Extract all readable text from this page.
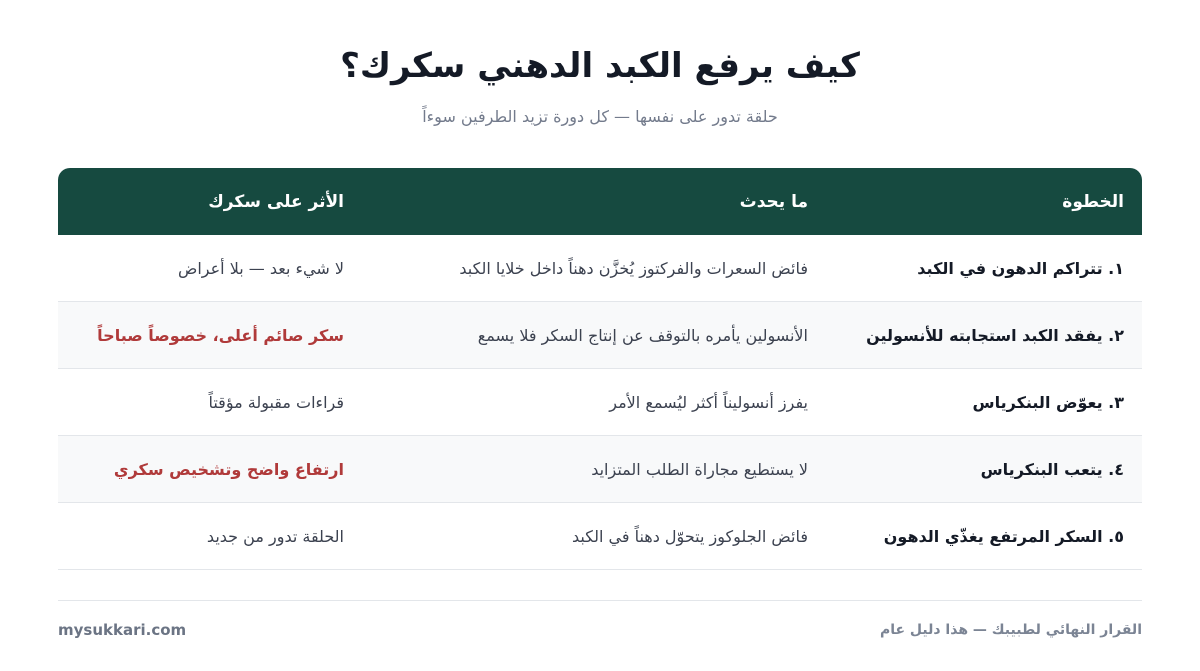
كيف يرفع الكبد الدهني سكرك؟

حلقة تدور على نفسها — كل دورة تزيد الطرفين سوءاً

الخطوة
ما يحدث
الأثر على سكرك
١. تتراكم الدهون في الكبد
فائض السعرات والفركتوز يُخزَّن دهناً داخل خلايا الكبد
لا شيء بعد — بلا أعراض
٢. يفقد الكبد استجابته للأنسولين
الأنسولين يأمره بالتوقف عن إنتاج السكر فلا يسمع
سكر صائم أعلى، خصوصاً صباحاً
٣. يعوّض البنكرياس
يفرز أنسوليناً أكثر ليُسمع الأمر
قراءات مقبولة مؤقتاً
٤. يتعب البنكرياس
لا يستطيع مجاراة الطلب المتزايد
ارتفاع واضح وتشخيص سكري
٥. السكر المرتفع يغذّي الدهون
فائض الجلوكوز يتحوّل دهناً في الكبد
الحلقة تدور من جديد
القرار النهائي لطبيبك — هذا دليل عام
mysukkari.com
